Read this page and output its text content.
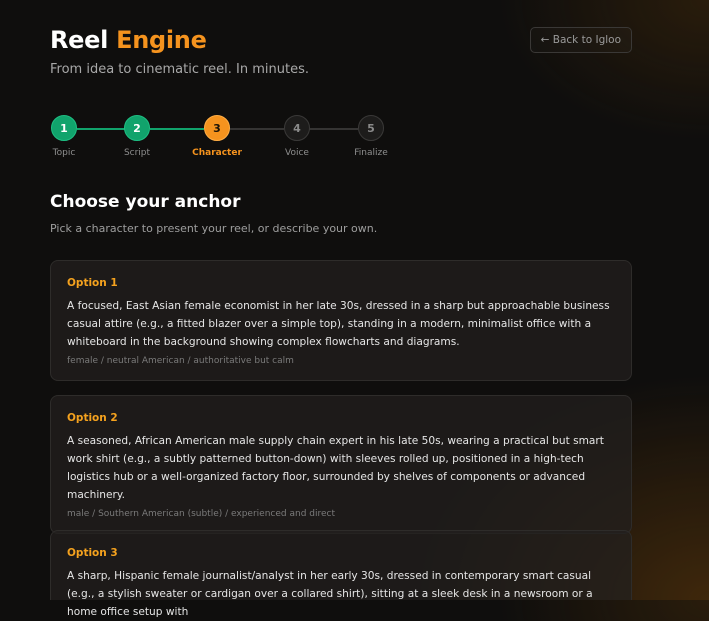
Reel Engine
From idea to cinematic reel. In minutes.
← Back to Igloo
1
Topic
2
Script
3
Character
4
Voice
5
Finalize
Choose your anchor
Pick a character to present your reel, or describe your own.
Option 1
A focused, East Asian female economist in her late 30s, dressed in a sharp but approachable business casual attire (e.g., a fitted blazer over a simple top), standing in a modern, minimalist office with a whiteboard in the background showing complex flowcharts and diagrams.
female / neutral American / authoritative but calm
Option 2
A seasoned, African American male supply chain expert in his late 50s, wearing a practical but smart work shirt (e.g., a subtly patterned button-down) with sleeves rolled up, positioned in a high-tech logistics hub or a well-organized factory floor, surrounded by shelves of components or advanced machinery.
male / Southern American (subtle) / experienced and direct
Option 3
A sharp, Hispanic female journalist/analyst in her early 30s, dressed in contemporary smart casual (e.g., a stylish sweater or cardigan over a collared shirt), sitting at a sleek desk in a newsroom or a home office setup with
